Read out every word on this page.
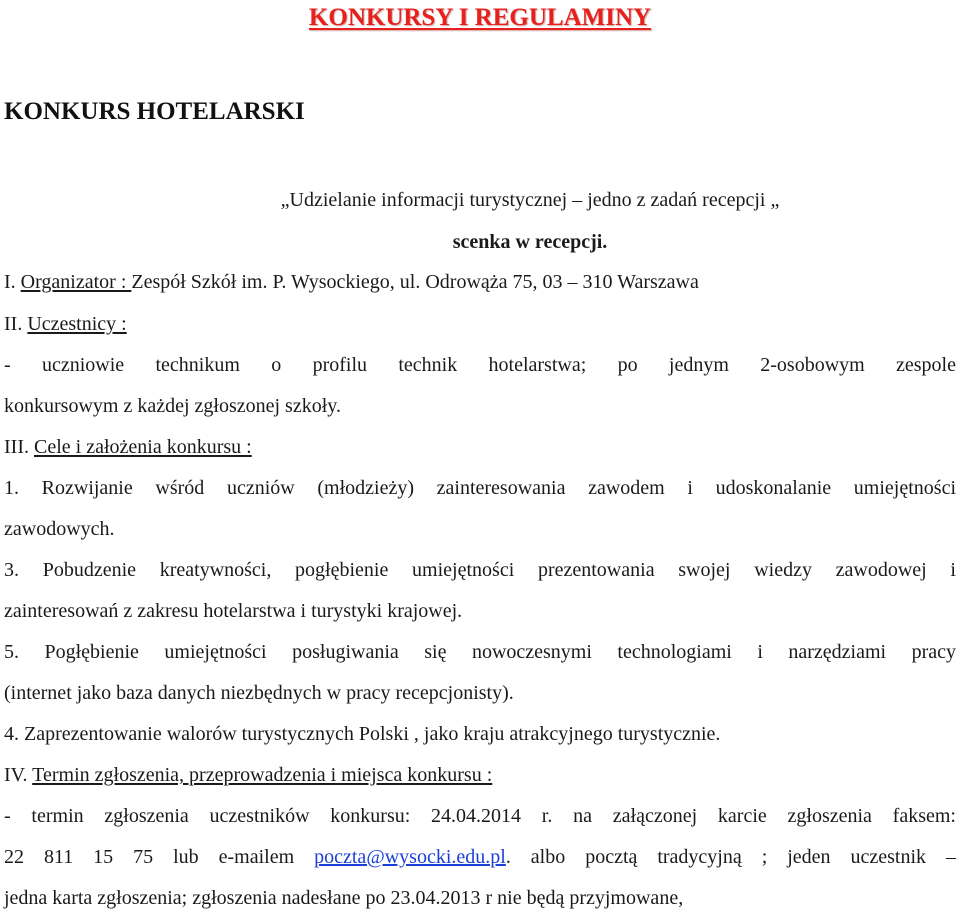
KONKURSY I REGULAMINY
KONKURS HOTELARSKI
„Udzielanie informacji turystycznej – jedno z zadań recepcji „
scenka w recepcji.
I. Organizator : Zespół Szkół im. P. Wysockiego, ul. Odrowąża 75, 03 – 310 Warszawa
II. Uczestnicy :
- uczniowie technikum o profilu technik hotelarstwa; po jednym 2-osobowym zespole
konkursowym z każdej zgłoszonej szkoły.
III. Cele i założenia konkursu :
1. Rozwijanie wśród uczniów (młodzieży) zainteresowania zawodem i udoskonalanie umiejętności
zawodowych.
3. Pobudzenie kreatywności, pogłębienie umiejętności prezentowania swojej wiedzy zawodowej i
zainteresowań z zakresu hotelarstwa i turystyki krajowej.
5. Pogłębienie umiejętności posługiwania się nowoczesnymi technologiami i narzędziami pracy
(internet jako baza danych niezbędnych w pracy recepcjonisty).
4. Zaprezentowanie walorów turystycznych Polski , jako kraju atrakcyjnego turystycznie.
IV. Termin zgłoszenia, przeprowadzenia i miejsca konkursu :
- termin zgłoszenia uczestników konkursu: 24.04.2014 r. na załączonej karcie zgłoszenia faksem:
22 811 15 75 lub e-mailem poczta@wysocki.edu.pl. albo pocztą tradycyjną ; jeden uczestnik –
jedna karta zgłoszenia; zgłoszenia nadesłane po 23.04.2013 r nie będą przyjmowane,
